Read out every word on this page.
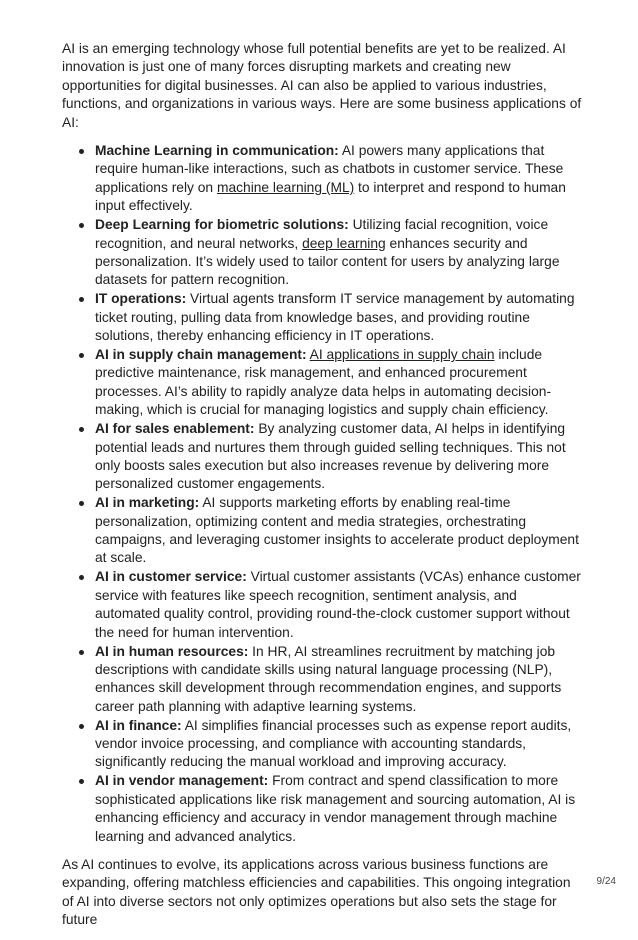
AI is an emerging technology whose full potential benefits are yet to be realized. AI innovation is just one of many forces disrupting markets and creating new opportunities for digital businesses. AI can also be applied to various industries, functions, and organizations in various ways. Here are some business applications of AI:

Machine Learning in communication: AI powers many applications that require human-like interactions, such as chatbots in customer service. These applications rely on machine learning (ML) to interpret and respond to human input effectively.
Deep Learning for biometric solutions: Utilizing facial recognition, voice recognition, and neural networks, deep learning enhances security and personalization. It’s widely used to tailor content for users by analyzing large datasets for pattern recognition.
IT operations: Virtual agents transform IT service management by automating ticket routing, pulling data from knowledge bases, and providing routine solutions, thereby enhancing efficiency in IT operations.
AI in supply chain management: AI applications in supply chain include predictive maintenance, risk management, and enhanced procurement processes. AI’s ability to rapidly analyze data helps in automating decision-making, which is crucial for managing logistics and supply chain efficiency.
AI for sales enablement: By analyzing customer data, AI helps in identifying potential leads and nurtures them through guided selling techniques. This not only boosts sales execution but also increases revenue by delivering more personalized customer engagements.
AI in marketing: AI supports marketing efforts by enabling real-time personalization, optimizing content and media strategies, orchestrating campaigns, and leveraging customer insights to accelerate product deployment at scale.
AI in customer service: Virtual customer assistants (VCAs) enhance customer service with features like speech recognition, sentiment analysis, and automated quality control, providing round-the-clock customer support without the need for human intervention.
AI in human resources: In HR, AI streamlines recruitment by matching job descriptions with candidate skills using natural language processing (NLP), enhances skill development through recommendation engines, and supports career path planning with adaptive learning systems.
AI in finance: AI simplifies financial processes such as expense report audits, vendor invoice processing, and compliance with accounting standards, significantly reducing the manual workload and improving accuracy.
AI in vendor management: From contract and spend classification to more sophisticated applications like risk management and sourcing automation, AI is enhancing efficiency and accuracy in vendor management through machine learning and advanced analytics.

As AI continues to evolve, its applications across various business functions are expanding, offering matchless efficiencies and capabilities. This ongoing integration of AI into diverse sectors not only optimizes operations but also sets the stage for future

9/24
